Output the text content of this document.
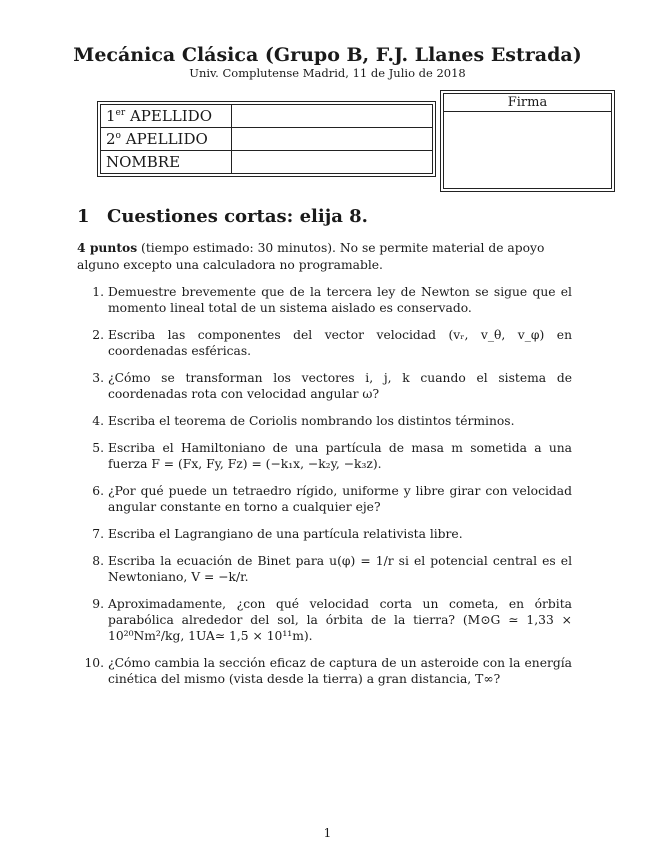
Mecánica Clásica (Grupo B, F.J. Llanes Estrada)
Univ. Complutense Madrid, 11 de Julio de 2018
1er APELLIDO	
2$^o$ APELLIDO	
NOMBRE	
Firma
1 Cuestiones cortas: elija 8.
4 puntos (tiempo estimado: 30 minutos). No se permite material de apoyo alguno excepto una calculadora no programable.
1. Demuestre brevemente que de la tercera ley de Newton se sigue que el momento lineal total de un sistema aislado es conservado.
2. Escriba las componentes del vector velocidad (vᵣ, v_θ, v_φ) en coordenadas esféricas.
3. ¿Cómo se transforman los vectores i, j, k cuando el sistema de coordenadas rota con velocidad angular ω?
4. Escriba el teorema de Coriolis nombrando los distintos términos.
5. Escriba el Hamiltoniano de una partícula de masa m sometida a una fuerza F = (Fx, Fy, Fz) = (−k₁x, −k₂y, −k₃z).
6. ¿Por qué puede un tetraedro rígido, uniforme y libre girar con velocidad angular constante en torno a cualquier eje?
7. Escriba el Lagrangiano de una partícula relativista libre.
8. Escriba la ecuación de Binet para u(φ) = 1/r si el potencial central es el Newtoniano, V = −k/r.
9. Aproximadamente, ¿con qué velocidad corta un cometa, en órbita parabólica alrededor del sol, la órbita de la tierra? (M⊙G ≃ 1,33 × 10²⁰Nm²/kg, 1UA≃ 1,5 × 10¹¹m).
10. ¿Cómo cambia la sección eficaz de captura de un asteroide con la energía cinética del mismo (vista desde la tierra) a gran distancia, T∞?
1
